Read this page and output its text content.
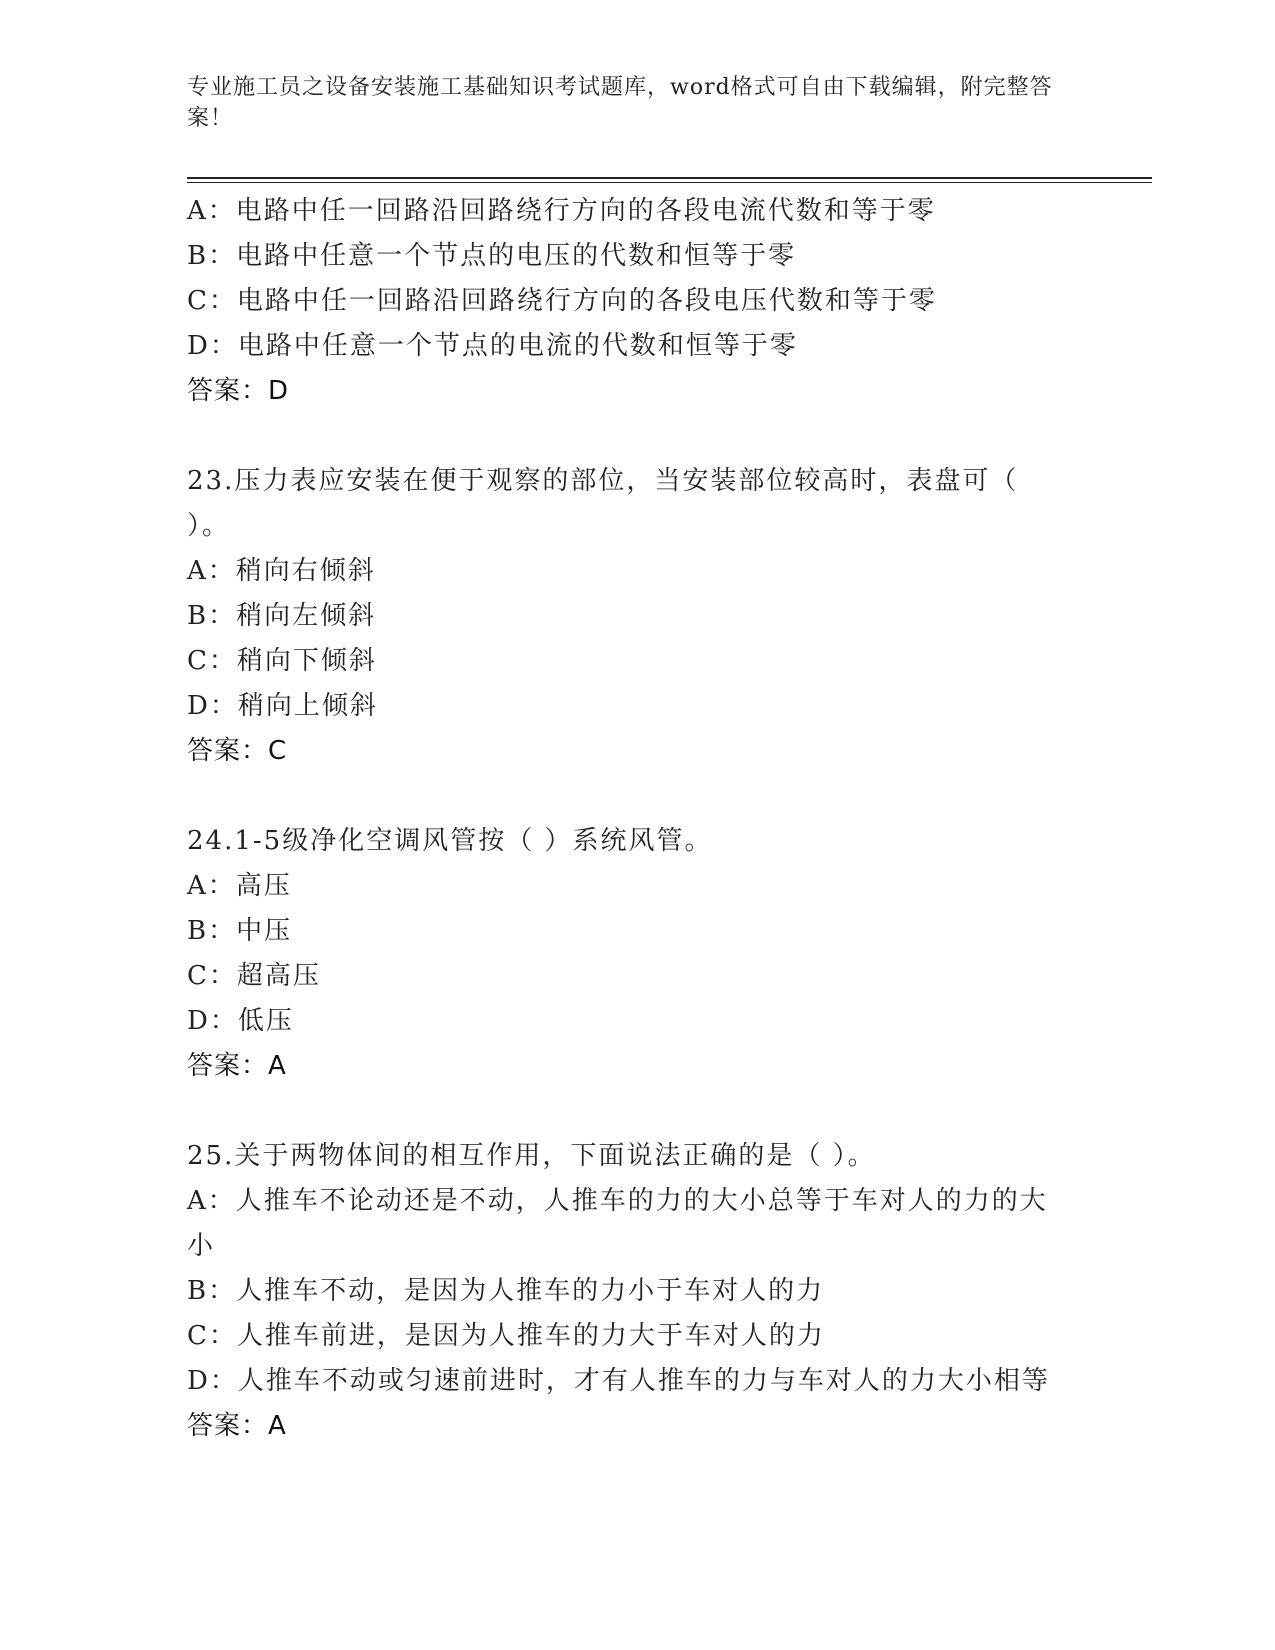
专业施工员之设备安装施工基础知识考试题库，word格式可自由下载编辑，附完整答案！
A：电路中任一回路沿回路绕行方向的各段电流代数和等于零
B：电路中任意一个节点的电压的代数和恒等于零
C：电路中任一回路沿回路绕行方向的各段电压代数和等于零
D：电路中任意一个节点的电流的代数和恒等于零
答案：D
23.压力表应安装在便于观察的部位，当安装部位较高时，表盘可（
）。
A：稍向右倾斜
B：稍向左倾斜
C：稍向下倾斜
D：稍向上倾斜
答案：C
24.1-5级净化空调风管按（ ）系统风管。
A：高压
B：中压
C：超高压
D：低压
答案：A
25.关于两物体间的相互作用，下面说法正确的是（ ）。
A：人推车不论动还是不动，人推车的力的大小总等于车对人的力的大
小
B：人推车不动，是因为人推车的力小于车对人的力
C：人推车前进，是因为人推车的力大于车对人的力
D：人推车不动或匀速前进时，才有人推车的力与车对人的力大小相等
答案：A
